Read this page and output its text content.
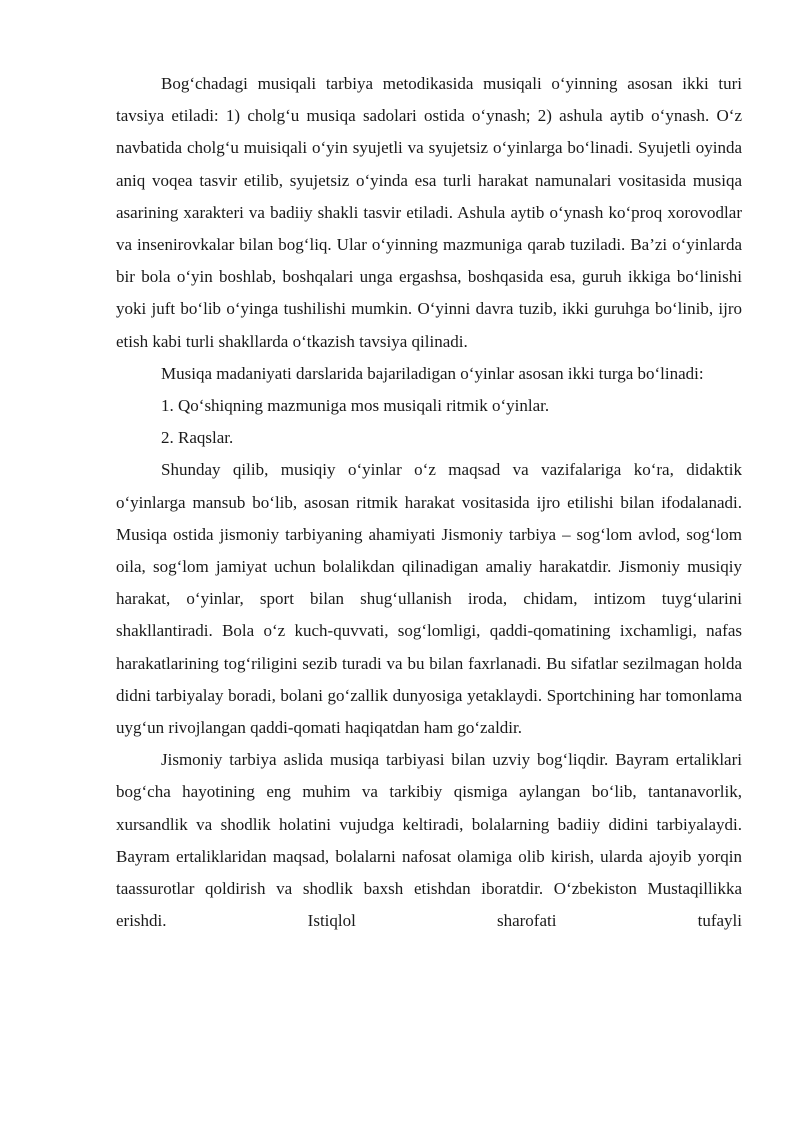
Bog‘chadagi musiqali tarbiya metodikasida musiqali o‘yinning asosan ikki turi tavsiya etiladi: 1) cholg‘u musiqa sadolari ostida o‘ynash; 2) ashula aytib o‘ynash. O‘z navbatida cholg‘u muisiqali o‘yin syujetli va syujetsiz o‘yinlarga bo‘linadi. Syujetli oyinda aniq voqea tasvir etilib, syujetsiz o‘yinda esa turli harakat namunalari vositasida musiqa asarining xarakteri va badiiy shakli tasvir etiladi. Ashula aytib o‘ynash ko‘proq xorovodlar va insenirovkalar bilan bog‘liq. Ular o‘yinning mazmuniga qarab tuziladi. Ba’zi o‘yinlarda bir bola o‘yin boshlab, boshqalari unga ergashsa, boshqasida esa, guruh ikkiga bo‘linishi yoki juft bo‘lib o‘yinga tushilishi mumkin. O‘yinni davra tuzib, ikki guruhga bo‘linib, ijro etish kabi turli shakllarda o‘tkazish tavsiya qilinadi.

Musiqa madaniyati darslarida bajariladigan o‘yinlar asosan ikki turga bo‘linadi:

1. Qo‘shiqning mazmuniga mos musiqali ritmik o‘yinlar.

2. Raqslar.

Shunday qilib, musiqiy o‘yinlar o‘z maqsad va vazifalariga ko‘ra, didaktik o‘yinlarga mansub bo‘lib, asosan ritmik harakat vositasida ijro etilishi bilan ifodalanadi. Musiqa ostida jismoniy tarbiyaning ahamiyati Jismoniy tarbiya – sog‘lom avlod, sog‘lom oila, sog‘lom jamiyat uchun bolalikdan qilinadigan amaliy harakatdir. Jismoniy musiqiy harakat, o‘yinlar, sport bilan shug‘ullanish iroda, chidam, intizom tuyg‘ularini shakllantiradi. Bola o‘z kuch-quvvati, sog‘lomligi, qaddi-qomatining ixchamligi, nafas harakatlarining tog‘riligini sezib turadi va bu bilan faxrlanadi. Bu sifatlar sezilmagan holda didni tarbiyalay boradi, bolani go‘zallik dunyosiga yetaklaydi. Sportchining har tomonlama uyg‘un rivojlangan qaddi-qomati haqiqatdan ham go‘zaldir.

Jismoniy tarbiya aslida musiqa tarbiyasi bilan uzviy bog‘liqdir. Bayram ertaliklari bog‘cha hayotining eng muhim va tarkibiy qismiga aylangan bo‘lib, tantanavorlik, xursandlik va shodlik holatini vujudga keltiradi, bolalarning badiiy didini tarbiyalaydi. Bayram ertaliklaridan maqsad, bolalarni nafosat olamiga olib kirish, ularda ajoyib yorqin taassurotlar qoldirish va shodlik baxsh etishdan iboratdir. O‘zbekiston Mustaqillikka erishdi. Istiqlol sharofati tufayli
